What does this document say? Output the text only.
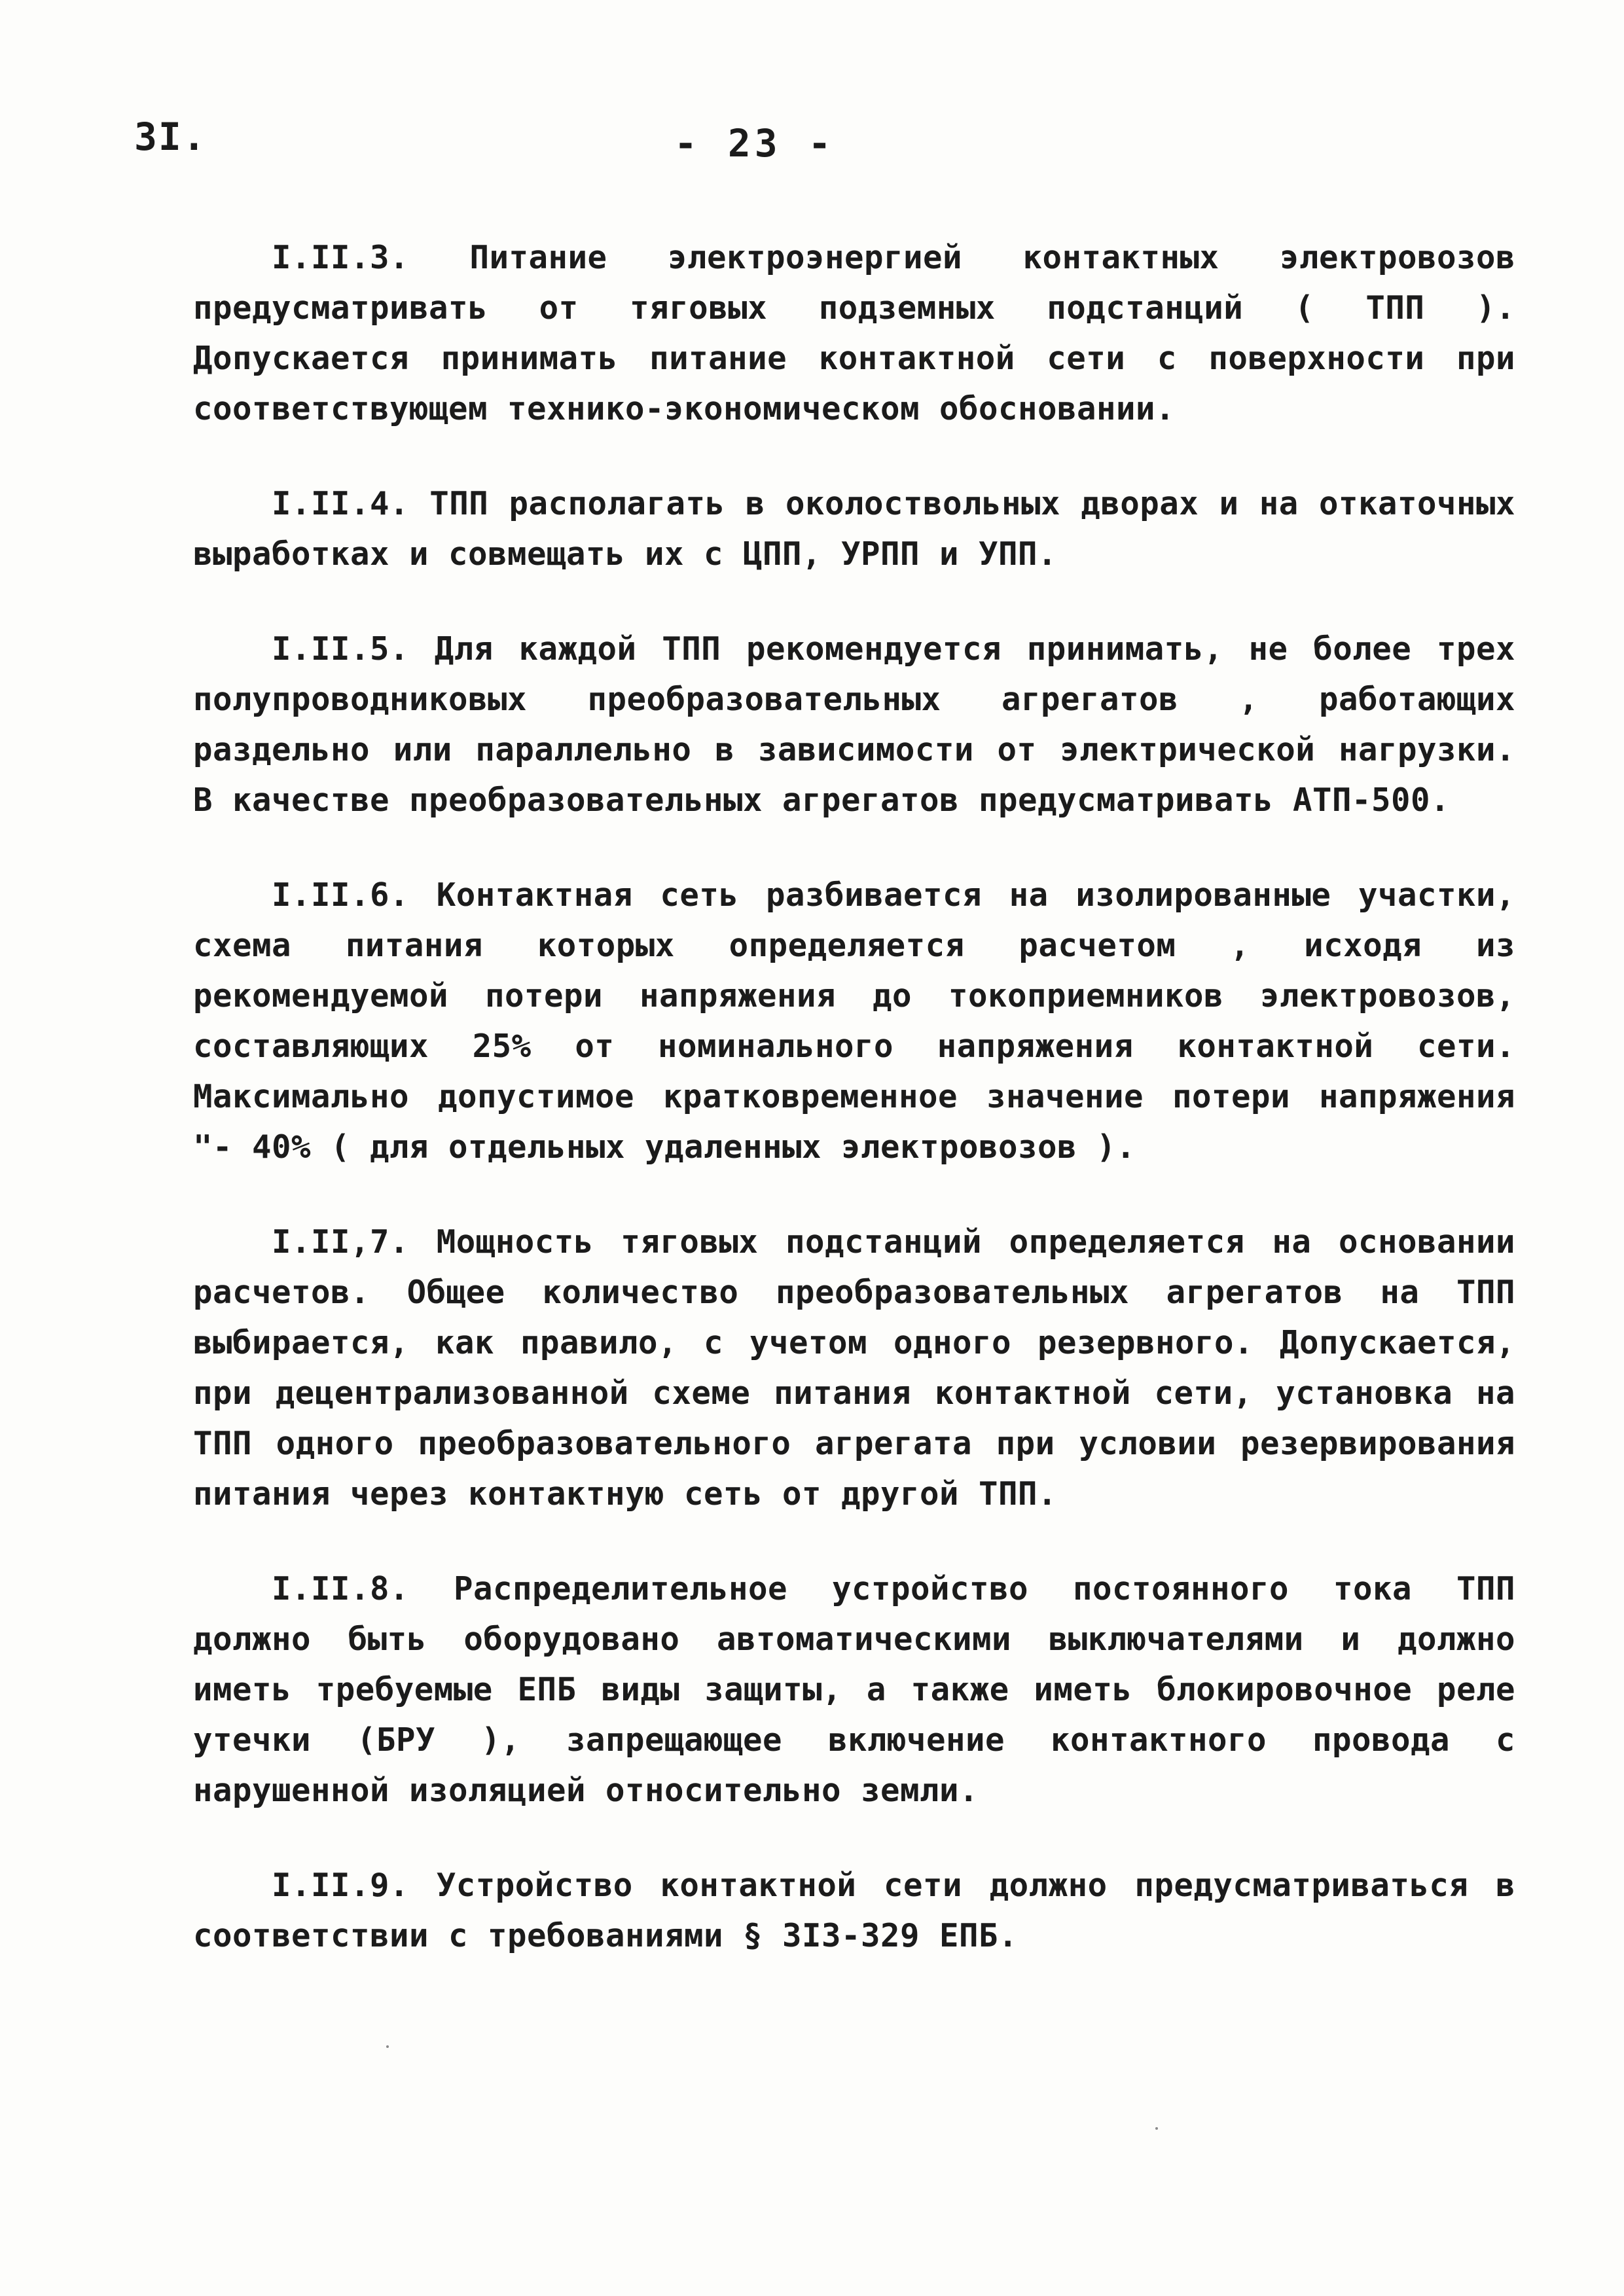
3I.	- 23 -

I.II.3. Питание электроэнергией контактных электровозов предусматривать от тяговых подземных подстанций ( ТПП ). Допускается принимать питание контактной сети с поверхности при соответствующем технико-экономическом обосновании.

I.II.4. ТПП располагать в околоствольных дворах и на откаточных выработках и совмещать их с ЦПП, УРПП и УПП.

I.II.5. Для каждой ТПП рекомендуется принимать, не более трех полупроводниковых преобразовательных агрегатов , работающих раздельно или параллельно в зависимости от электрической нагрузки. В качестве преобразовательных агрегатов предусматривать АТП-500.

I.II.6. Контактная сеть разбивается на изолированные участки, схема питания которых определяется расчетом , исходя из рекомендуемой потери напряжения до токоприемников электровозов, составляющих 25% от номинального напряжения контактной сети. Максимально допустимое кратковременное значение потери напряжения "- 40% ( для отдельных удаленных электровозов ).

I.II,7. Мощность тяговых подстанций определяется на основании расчетов. Общее количество преобразовательных агрегатов на ТПП выбирается, как правило, с учетом одного резервного. Допускается, при децентрализованной схеме питания контактной сети, установка на ТПП одного преобразовательного агрегата при условии резервирования питания через контактную сеть от другой ТПП.

I.II.8. Распределительное устройство постоянного тока ТПП должно быть оборудовано автоматическими выключателями и должно иметь требуемые ЕПБ виды защиты, а также иметь блокировочное реле утечки (БРУ ), запрещающее включение контактного провода с нарушенной изоляцией относительно земли.

I.II.9. Устройство контактной сети должно предусматриваться в соответствии с требованиями § 3I3-329 ЕПБ.
